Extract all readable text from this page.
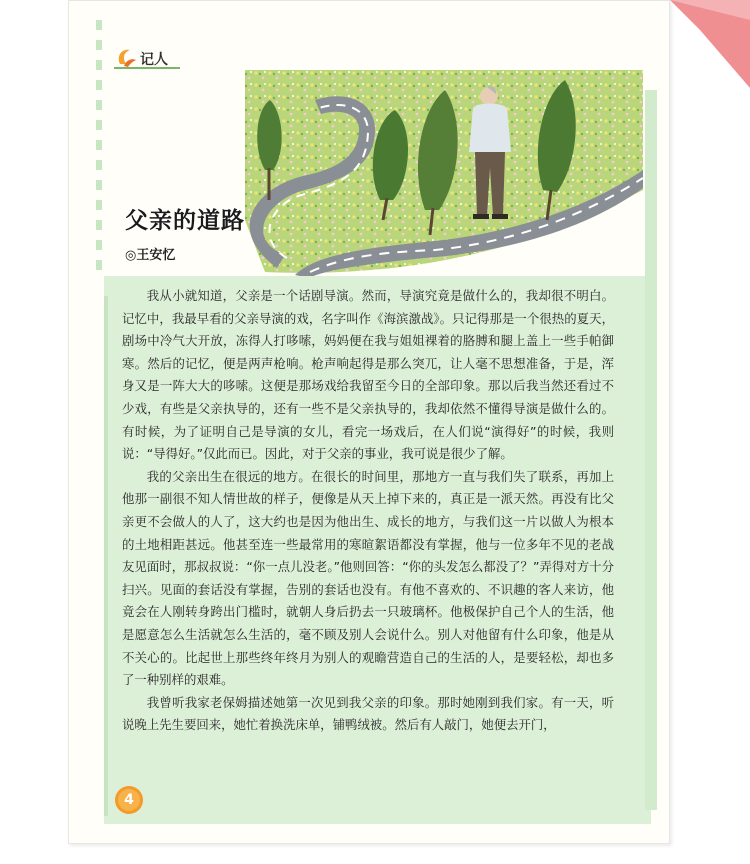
记人
父亲的道路
◎王安忆

我从小就知道，父亲是一个话剧导演。然而，导演究竟是做什么的，我却很不明白。记忆中，我最早看的父亲导演的戏，名字叫作《海滨激战》。只记得那是一个很热的夏天，剧场中冷气大开放，冻得人打哆嗦，妈妈便在我与姐姐裸着的胳膊和腿上盖上一些手帕御寒。然后的记忆，便是两声枪响。枪声响起得是那么突兀，让人毫不思想准备，于是，浑身又是一阵大大的哆嗦。这便是那场戏给我留至今日的全部印象。那以后我当然还看过不少戏，有些是父亲执导的，还有一些不是父亲执导的，我却依然不懂得导演是做什么的。有时候，为了证明自己是导演的女儿，看完一场戏后，在人们说“演得好”的时候，我则说：“导得好。”仅此而已。因此，对于父亲的事业，我可说是很少了解。

我的父亲出生在很远的地方。在很长的时间里，那地方一直与我们失了联系，再加上他那一副很不知人情世故的样子，便像是从天上掉下来的，真正是一派天然。再没有比父亲更不会做人的人了，这大约也是因为他出生、成长的地方，与我们这一片以做人为根本的土地相距甚远。他甚至连一些最常用的寒暄絮语都没有掌握，他与一位多年不见的老战友见面时，那叔叔说：“你一点儿没老。”他则回答：“你的头发怎么都没了？”弄得对方十分扫兴。见面的套话没有掌握，告别的套话也没有。有他不喜欢的、不识趣的客人来访，他竟会在人刚转身跨出门槛时，就朝人身后扔去一只玻璃杯。他极保护自己个人的生活，他是愿意怎么生活就怎么生活的，毫不顾及别人会说什么。别人对他留有什么印象，他是从不关心的。比起世上那些终年终月为别人的观瞻营造自己的生活的人，是要轻松，却也多了一种别样的艰难。

我曾听我家老保姆描述她第一次见到我父亲的印象。那时她刚到我们家。有一天，听说晚上先生要回来，她忙着换洗床单，铺鸭绒被。然后有人敲门，她便去开门，

4
